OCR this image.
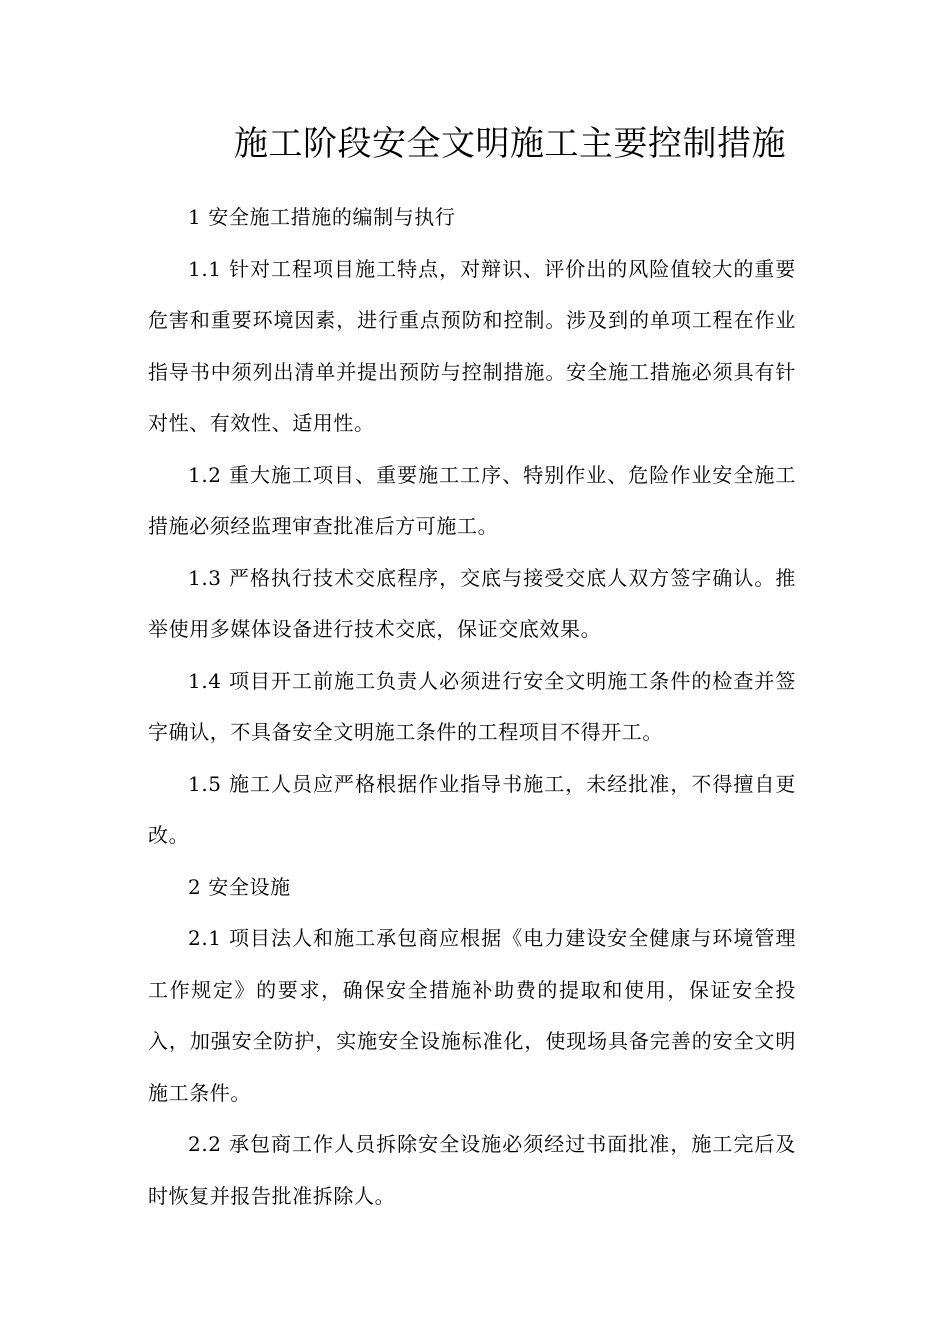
施工阶段安全文明施工主要控制措施

1 安全施工措施的编制与执行

1.1 针对工程项目施工特点，对辩识、评价出的风险值较大的重要危害和重要环境因素，进行重点预防和控制。涉及到的单项工程在作业指导书中须列出清单并提出预防与控制措施。安全施工措施必须具有针对性、有效性、适用性。

1.2 重大施工项目、重要施工工序、特别作业、危险作业安全施工措施必须经监理审查批准后方可施工。

1.3 严格执行技术交底程序，交底与接受交底人双方签字确认。推举使用多媒体设备进行技术交底，保证交底效果。

1.4 项目开工前施工负责人必须进行安全文明施工条件的检查并签字确认，不具备安全文明施工条件的工程项目不得开工。

1.5 施工人员应严格根据作业指导书施工，未经批准，不得擅自更改。

2 安全设施

2.1 项目法人和施工承包商应根据《电力建设安全健康与环境管理工作规定》的要求，确保安全措施补助费的提取和使用，保证安全投入，加强安全防护，实施安全设施标准化，使现场具备完善的安全文明施工条件。

2.2 承包商工作人员拆除安全设施必须经过书面批准，施工完后及时恢复并报告批准拆除人。
